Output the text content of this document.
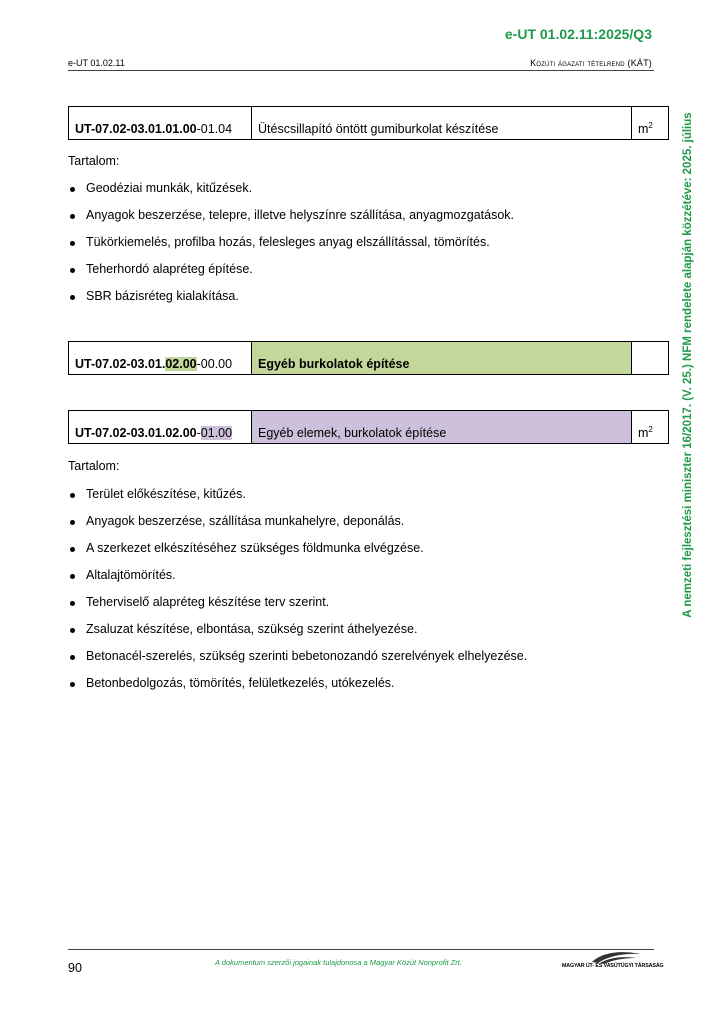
e-UT 01.02.11:2025/Q3
e-UT 01.02.11	Közúti ágazati tételrend (KÁT)
A nemzeti fejlesztési miniszter 16/2017. (V. 25.) NFM rendelete alapján közzétéve: 2025. július
UT-07.02-03.01.01.00-01.04	Ütéscsillapító öntött gumiburkolat készítése	$m^2$
Tartalom:
Geodéziai munkák, kitűzések.
Anyagok beszerzése, telepre, illetve helyszínre szállítása, anyagmozgatások.
Tükörkiemelés, profilba hozás, felesleges anyag elszállítással, tömörítés.
Teherhordó alapréteg építése.
SBR bázisréteg kialakítása.
UT-07.02-03.01.02.00-00.00	Egyéb burkolatok építése	
UT-07.02-03.01.02.00-01.00	Egyéb elemek, burkolatok építése	$m^2$
Tartalom:
Terület előkészítése, kitűzés.
Anyagok beszerzése, szállítása munkahelyre, deponálás.
A szerkezet elkészítéséhez szükséges földmunka elvégzése.
Altalajtömörítés.
Teherviselő alapréteg készítése terv szerint.
Zsaluzat készítése, elbontása, szükség szerint áthelyezése.
Betonacél-szerelés, szükség szerinti bebetonozandó szerelvények elhelyezése.
Betonbedolgozás, tömörítés, felületkezelés, utókezelés.
90	A dokumentum szerzői jogainak tulajdonosa a Magyar Közút Nonprofit Zrt.	MAGYAR ÚT- ÉS VASÚTÜGYI TÁRSASÁG
